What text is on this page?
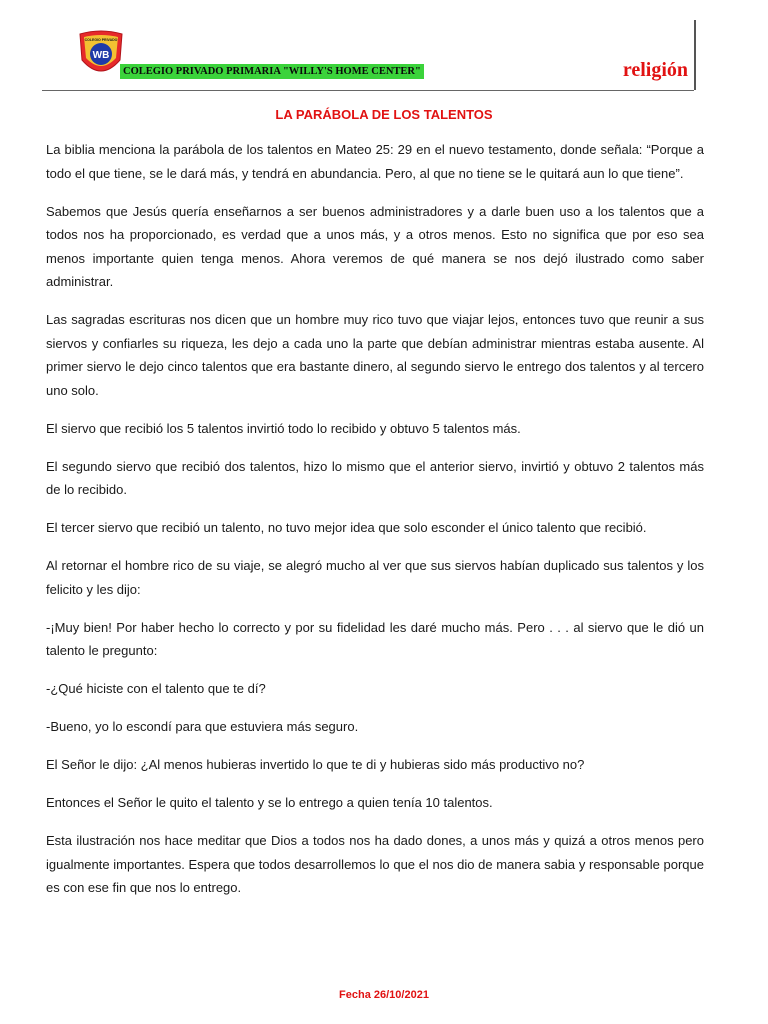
WB
COLEGIO PRIVADO
COLEGIO PRIVADO PRIMARIA "WILLY'S HOME CENTER"	religión
LA PARÁBOLA DE LOS TALENTOS

La biblia menciona la parábola de los talentos en Mateo 25: 29 en el nuevo testamento, donde señala: “Porque a todo el que tiene, se le dará más, y tendrá en abundancia. Pero, al que no tiene se le quitará aun lo que tiene”.

Sabemos que Jesús quería enseñarnos a ser buenos administradores y a darle buen uso a los talentos que a todos nos ha proporcionado, es verdad que a unos más, y a otros menos. Esto no significa que por eso sea menos importante quien tenga menos. Ahora veremos de qué manera se nos dejó ilustrado como saber administrar.

Las sagradas escrituras nos dicen que un hombre muy rico tuvo que viajar lejos, entonces tuvo que reunir a sus siervos y confiarles su riqueza, les dejo a cada uno la parte que debían administrar mientras estaba ausente. Al primer siervo le dejo cinco talentos que era bastante dinero, al segundo siervo le entrego dos talentos y al tercero uno solo.

El siervo que recibió los 5 talentos invirtió todo lo recibido y obtuvo 5 talentos más.

El segundo siervo que recibió dos talentos, hizo lo mismo que el anterior siervo, invirtió y obtuvo 2 talentos más de lo recibido.

El tercer siervo que recibió un talento, no tuvo mejor idea que solo esconder el único talento que recibió.

Al retornar el hombre rico de su viaje, se alegró mucho al ver que sus siervos habían duplicado sus talentos y los felicito y les dijo:

-¡Muy bien! Por haber hecho lo correcto y por su fidelidad les daré mucho más. Pero . . . al siervo que le dió un talento le pregunto:

-¿Qué hiciste con el talento que te dí?

-Bueno, yo lo escondí para que estuviera más seguro.

El Señor le dijo: ¿Al menos hubieras invertido lo que te di y hubieras sido más productivo no?

Entonces el Señor le quito el talento y se lo entrego a quien tenía 10 talentos.

Esta ilustración nos hace meditar que Dios a todos nos ha dado dones, a unos más y quizá a otros menos pero igualmente importantes. Espera que todos desarrollemos lo que el nos dio de manera sabia y responsable porque es con ese fin que nos lo entrego.

Fecha 26/10/2021
